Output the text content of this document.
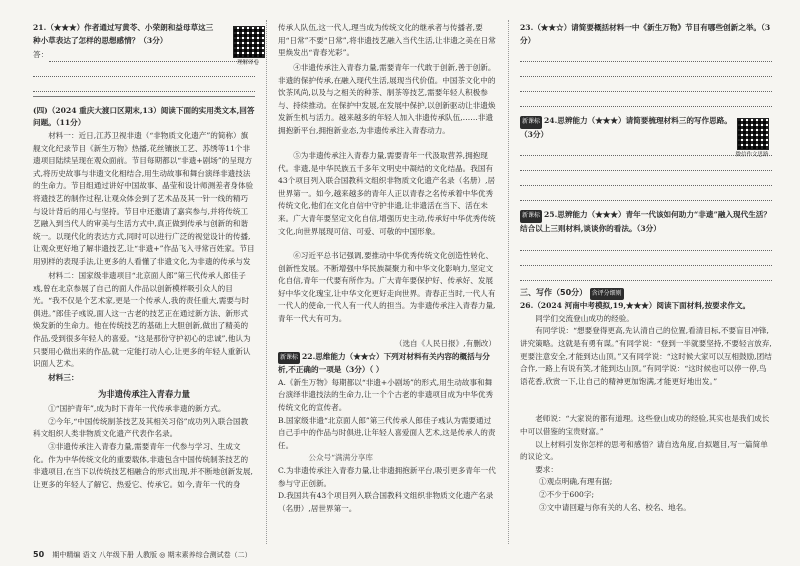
21.（★★★）作者通过写黄苓、小荣朗和益母草这三种小草表达了怎样的思想感情？（3分）
答：
(四)（2024 重庆大渡口区期末,13）阅读下面的实用类文本,回答问题。（11分）

材料一：近日,江苏卫视非遗（“非物质文化遗产”的简称）旗舰文化纪录节目《新生万物》热播,花丝镶嵌工艺、苏绣等11个非遗项目陆续呈现在观众面前。节目每期都以“非遗+剧场”的呈现方式,将历史故事与非遗文化相结合,用生动故事和舞台演绎非遗技法的生命力。节目组通过讲好中国故事、晶莹和设计师测差者身体验将遗技艺的制作过程,让观众体会到了艺术品及其一针一线的精巧与设计背后的用心与坚持。节目中还邀请了嘉宾参与,并将传统工艺融入到当代人的审美与生活方式中,真正做到传承与创新的和谐统一。以现代化的表达方式,同时可以进行广泛的视觉设计的传播,让观众更好地了解非遗技艺,让“非遗+”作品飞入寻常百姓家。节目用别样的表现手法,让更多的人看懂了非遗文化,为非遗的传承与发

材料二：国家级非遗项目“北京面人郎”第三代传承人郎佳子彧,曾在北京参展了自己的面人作品以创新模样吸引众人的目光。“我不仅是个艺术家,更是一个传承人,我的责任重大,需要与时俱进。”郎佳子彧说,面人这一古老的技艺正在通过新方法、新形式焕发新的生命力。他在传统技艺的基础上大胆创新,做出了精美的作品,受到很多年轻人的喜爱。“这是那份守护初心的忠诚”,他认为只要用心做出来的作品,就一定能打动人心,让更多的年轻人重新认识面人艺术。

材料三：
为非遗传承注入青春力量

①“国护青年”,成为时下青年一代传承非遗的新方式。

②今年,“中国传统制茶技艺及其相关习俗”成功列入联合国教科文组织人类非物质文化遗产代表作名录。

③非遗传承注入青春力量,需要青年一代参与学习、生成文化。作为中华传统文化的重要载体,非遗包含中国传统制茶技艺的非遗项目,在当下以传统技艺相融合的形式出现,并不断地创新发展,让更多的年轻人了解它、热爱它、传承它。如今,青年一代的身

理解译卷

传承人队伍,这一代人,理当成为传统文化的继承者与传播者,要用“日常”不要“日常”,将非遗技艺融入当代生活,让非遗之美在日常里焕发出“青春光彩”。

④非遗传承注入青春力量,需要青年一代敢于创新,善于创新。非遗的保护传承,在融入现代生活,展现当代价值。中国茶文化中的饮茶风尚,以及与之相关的种茶、制茶等技艺,需要年轻人积极参与、持续推动。在保护中发展,在发展中保护,以创新驱动让非遗焕发新生机与活力。越来越多的年轻人加入非遗传承队伍,……非遗拥抱新平台,拥抱新业态,为非遗传承注入青春动力。

⑤为非遗传承注入青春力量,需要青年一代汲取营养,拥抱现代。非遗,是中华民族五千多年文明史中凝结的文化结晶。我国有43个项目列入联合国教科文组织非物质文化遗产名录（名册）,居世界第一。如今,越来越多的青年人正以青春之名传承着中华优秀传统文化,他们在文化自信中守护非遗,让非遗活在当下、活在未来。广大青年要坚定文化自信,增强历史主动,传承好中华优秀传统文化,向世界展现可信、可爱、可敬的中国形象。

⑥习近平总书记强调,要推动中华优秀传统文化创造性转化、创新性发展。不断增强中华民族凝聚力和中华文化影响力,坚定文化自信,青年一代要有所作为。广大青年要保护好、传承好、发展好中华文化瑰宝,让中华文化更好走向世界。青春正当时,一代人有一代人的使命,一代人有一代人的担当。为非遗传承注入青春力量,青年一代大有可为。

（选自《人民日报》,有删改）
新课标 22.思维能力（★★☆）下列对材料有关内容的概括与分析,不正确的一项是（3分）（ ）
A.《新生万物》每期都以“非遗+小剧场”的形式,用生动故事和舞台演绎非遗技法的生命力,让一个个古老的非遗项目成为中华优秀传统文化的宣传者。
B.国家级非遗“北京面人郎”第三代传承人郎佳子彧认为需要通过自己手中的作品与时俱进,让年轻人喜爱面人艺术,这是传承人的责任。
公众号“满满分享库
C.为非遗传承注入青春力量,让非遗拥抱新平台,吸引更多青年一代参与守正创新。
D.我国共有43个项目列入联合国教科文组织非物质文化遗产名录（名册）,居世界第一。
23.（★★☆）请简要概括材料一中《新生万物》节目有哪些创新之举。（3分）
新课标 24.思辨能力（★★★）请简要梳理材料三的写作思路。（3分）
新课标 25.思辨能力（★★★）青年一代该如何助力“非遗”融入现代生活？结合以上三则材料,谈谈你的看法。（3分）
三、写作（50分） 含评分细则
26.（2024 河南中考模拟,19,★★★）阅读下面材料,按要求作文。

同学们交流登山成功的经验。

有同学说：“想要登得更高,先认清自己的位置,看清目标,不要盲目冲锋,讲究策略。这就是有勇有谋。”有同学说：“登到一半就要坚持,不要轻言放弃,更要注意安全,才能到达山顶。”又有同学说：“这时候大家可以互相鼓励,团结合作,一路上有说有笑,才能到达山顶。”有同学说：“这时候也可以停一停,鸟语花香,欣赏一下,让自己的精神更加饱满,才能更好地出发。”

老师说：“大家说的都有道理。这些登山成功的经验,其实也是我们成长中可以借鉴的宝贵财富。”

以上材料引发你怎样的思考和感悟？请自选角度,自拟题目,写一篇简单的议论文。

要求：
①观点明确,有理有据;
②不少于600字;
③文中请回避与你有关的人名、校名、地名。
微信作文思路
50 期中精编 语文 八年级下册 人教版 ◎ 期末素养综合测试卷（二）
